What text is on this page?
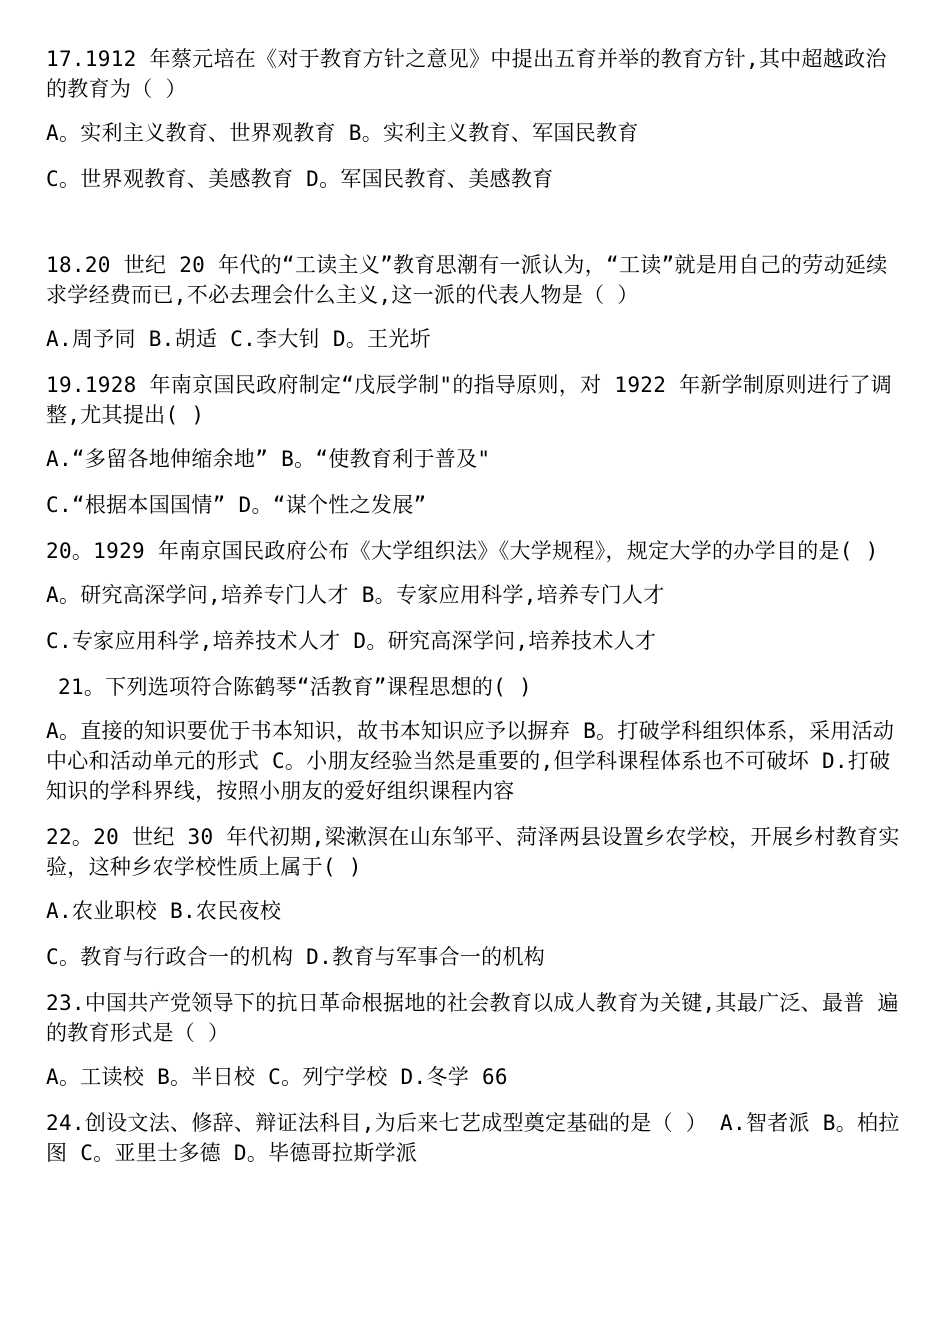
17.1912 年蔡元培在《对于教育方针之意见》中提出五育并举的教育方针,其中超越政治 的教育为（ ）
A。实利主义教育、世界观教育 B。实利主义教育、军国民教育
C。世界观教育、美感教育 D。军国民教育、美感教育
18.20 世纪 20 年代的“工读主义”教育思潮有一派认为，“工读”就是用自己的劳动延续 求学经费而已,不必去理会什么主义,这一派的代表人物是（ ）
A.周予同 B.胡适 C.李大钊 D。王光圻
19.1928 年南京国民政府制定“戊辰学制"的指导原则，对 1922 年新学制原则进行了调 整,尤其提出( )
A.“多留各地伸缩余地” B。“使教育利于普及"
C.“根据本国国情” D。“谋个性之发展”
20。1929 年南京国民政府公布《大学组织法》《大学规程》，规定大学的办学目的是( )
A。研究高深学问,培养专门人才 B。专家应用科学,培养专门人才
C.专家应用科学,培养技术人才 D。研究高深学问,培养技术人才
21。下列选项符合陈鹤琴“活教育”课程思想的( )
A。直接的知识要优于书本知识，故书本知识应予以摒弃 B。打破学科组织体系，采用活动中心和活动单元的形式 C。小朋友经验当然是重要的,但学科课程体系也不可破坏 D.打破知识的学科界线，按照小朋友的爱好组织课程内容
22。20 世纪 30 年代初期,梁漱溟在山东邹平、菏泽两县设置乡农学校，开展乡村教育实 验，这种乡农学校性质上属于( )
A.农业职校 B.农民夜校
C。教育与行政合一的机构 D.教育与军事合一的机构
23.中国共产党领导下的抗日革命根据地的社会教育以成人教育为关键,其最广泛、最普 遍的教育形式是（ ）
A。工读校 B。半日校 C。列宁学校 D.冬学 66
24.创设文法、修辞、辩证法科目,为后来七艺成型奠定基础的是（ ） A.智者派 B。柏拉图 C。亚里士多德 D。毕德哥拉斯学派
